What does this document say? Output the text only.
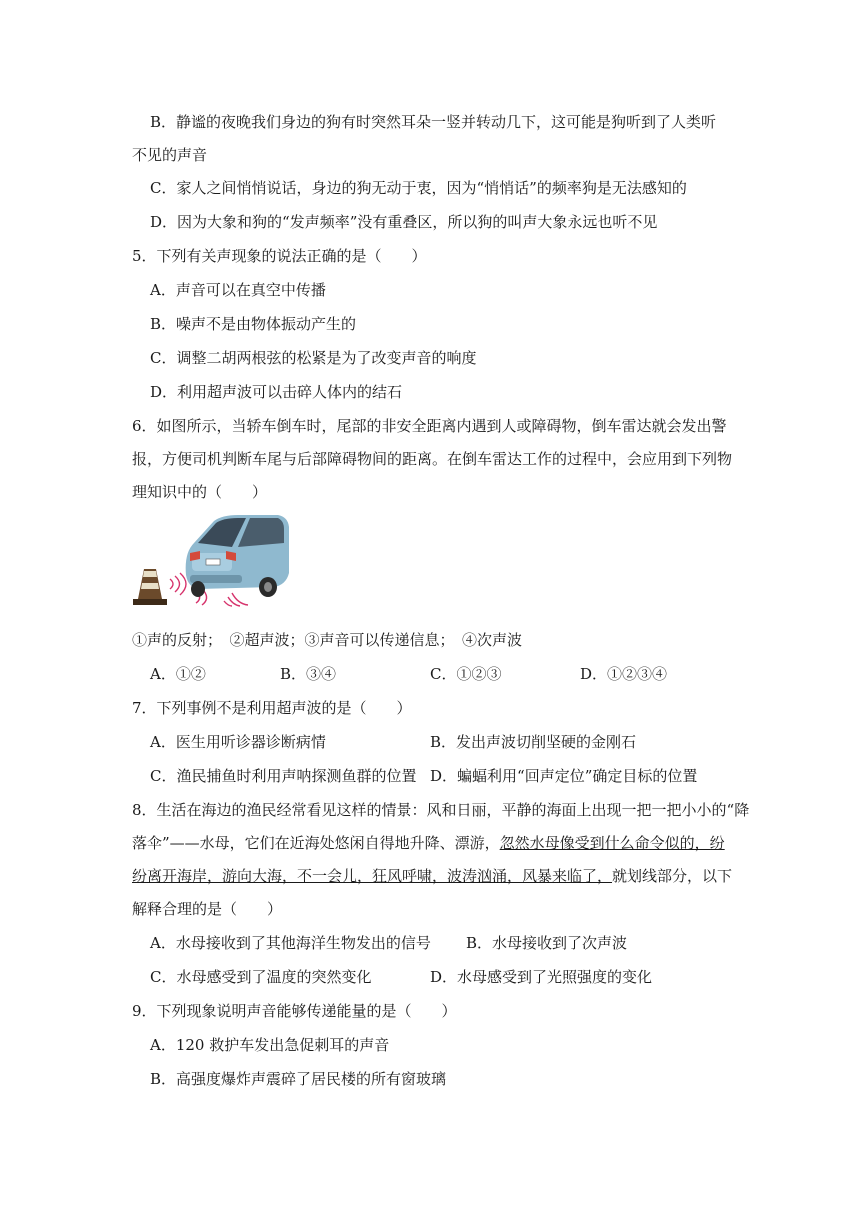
B．静谧的夜晚我们身边的狗有时突然耳朵一竖并转动几下，这可能是狗听到了人类听
不见的声音
C．家人之间悄悄说话，身边的狗无动于衷，因为“悄悄话”的频率狗是无法感知的
D．因为大象和狗的“发声频率”没有重叠区，所以狗的叫声大象永远也听不见
5．下列有关声现象的说法正确的是（　　）
A．声音可以在真空中传播
B．噪声不是由物体振动产生的
C．调整二胡两根弦的松紧是为了改变声音的响度
D．利用超声波可以击碎人体内的结石
6．如图所示，当轿车倒车时，尾部的非安全距离内遇到人或障碍物，倒车雷达就会发出警
报，方便司机判断车尾与后部障碍物间的距离。在倒车雷达工作的过程中，会应用到下列物
理知识中的（　　）
①声的反射；　②超声波；③声音可以传递信息；　④次声波
A．①②	B．③④	C．①②③	D．①②③④
7．下列事例不是利用超声波的是（　　）
A．医生用听诊器诊断病情	B．发出声波切削坚硬的金刚石
C．渔民捕鱼时利用声呐探测鱼群的位置 D．蝙蝠利用“回声定位”确定目标的位置
8．生活在海边的渔民经常看见这样的情景：风和日丽，平静的海面上出现一把一把小小的“降
落伞”——水母，它们在近海处悠闲自得地升降、漂游，忽然水母像受到什么命令似的，纷
纷离开海岸，游向大海，不一会儿，狂风呼啸，波涛汹涌，风暴来临了，就划线部分，以下
解释合理的是（　　）
A．水母接收到了其他海洋生物发出的信号 B．水母接收到了次声波
C．水母感受到了温度的突然变化	D．水母感受到了光照强度的变化
9．下列现象说明声音能够传递能量的是（　　）
A．120 救护车发出急促刺耳的声音
B．高强度爆炸声震碎了居民楼的所有窗玻璃
